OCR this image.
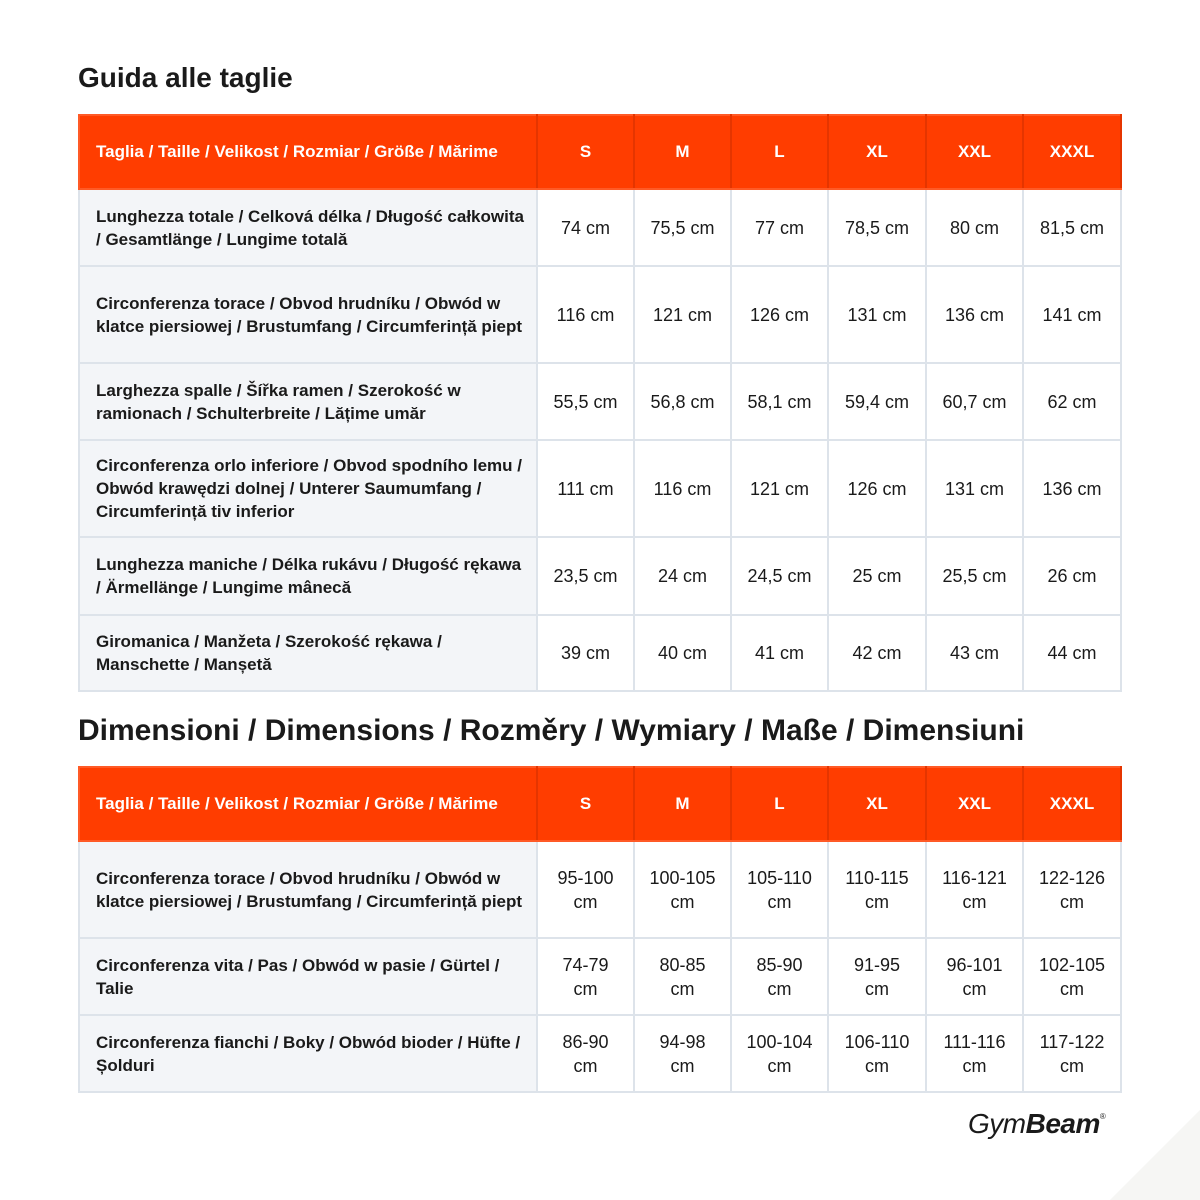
Guida alle taglie
Taglia / Taille / Velikost / Rozmiar / Größe / Mărime	S	M	L	XL	XXL	XXXL
Lunghezza totale / Celková délka / Długość całkowita / Gesamtlänge / Lungime totală	74 cm	75,5 cm	77 cm	78,5 cm	80 cm	81,5 cm
Circonferenza torace / Obvod hrudníku / Obwód w klatce piersiowej / Brustumfang / Circumferință piept	116 cm	121 cm	126 cm	131 cm	136 cm	141 cm
Larghezza spalle / Šířka ramen / Szerokość w ramionach / Schulterbreite / Lățime umăr	55,5 cm	56,8 cm	58,1 cm	59,4 cm	60,7 cm	62 cm
Circonferenza orlo inferiore / Obvod spodního lemu / Obwód krawędzi dolnej / Unterer Saumumfang / Circumferință tiv inferior	111 cm	116 cm	121 cm	126 cm	131 cm	136 cm
Lunghezza maniche / Délka rukávu / Długość rękawa / Ärmellänge / Lungime mânecă	23,5 cm	24 cm	24,5 cm	25 cm	25,5 cm	26 cm
Giromanica / Manžeta / Szerokość rękawa / Manschette / Manșetă	39 cm	40 cm	41 cm	42 cm	43 cm	44 cm
Dimensioni / Dimensions / Rozměry / Wymiary / Maße / Dimensiuni
Taglia / Taille / Velikost / Rozmiar / Größe / Mărime	S	M	L	XL	XXL	XXXL
Circonferenza torace / Obvod hrudníku / Obwód w klatce piersiowej / Brustumfang / Circumferință piept	95-100 cm	100-105 cm	105-110 cm	110-115 cm	116-121 cm	122-126 cm
Circonferenza vita / Pas / Obwód w pasie / Gürtel / Talie	74-79 cm	80-85 cm	85-90 cm	91-95 cm	96-101 cm	102-105 cm
Circonferenza fianchi / Boky / Obwód bioder / Hüfte / Șolduri	86-90 cm	94-98 cm	100-104 cm	106-110 cm	111-116 cm	117-122 cm
GymBeam®
